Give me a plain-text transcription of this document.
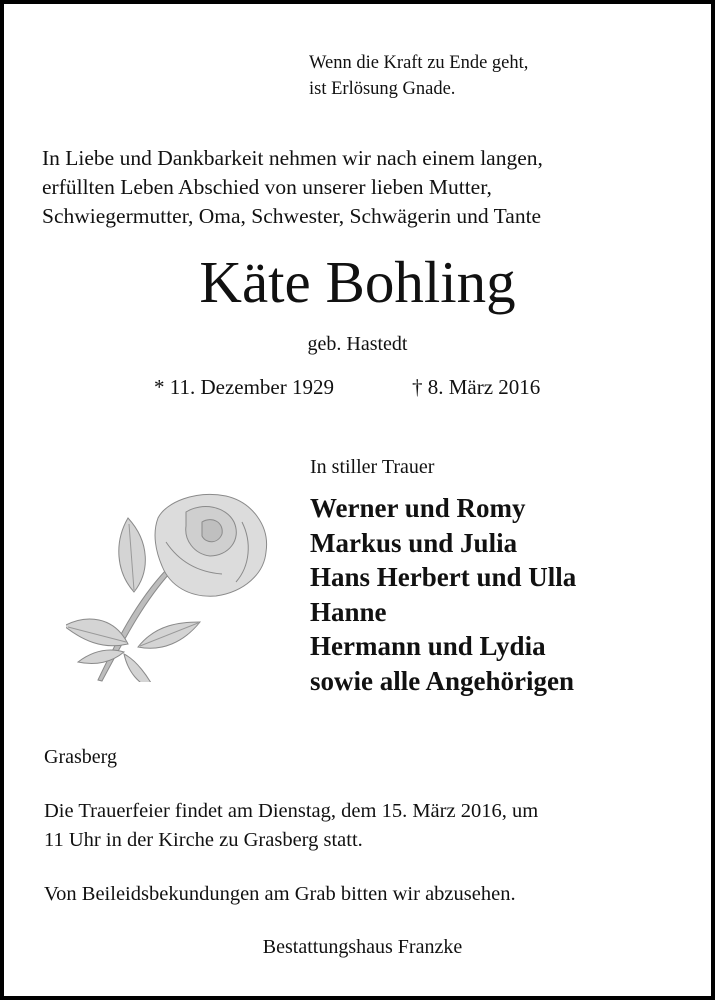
Wenn die Kraft zu Ende geht,
ist Erlösung Gnade.
In Liebe und Dankbarkeit nehmen wir nach einem langen,
erfüllten Leben Abschied von unserer lieben Mutter,
Schwiegermutter, Oma, Schwester, Schwägerin und Tante
Käte Bohling
geb. Hastedt
* 11. Dezember 1929	† 8. März 2016
In stiller Trauer
Werner und Romy
Markus und Julia
Hans Herbert und Ulla
Hanne
Hermann und Lydia
sowie alle Angehörigen
Grasberg
Die Trauerfeier findet am Dienstag, dem 15. März 2016, um
11 Uhr in der Kirche zu Grasberg statt.
Von Beileidsbekundungen am Grab bitten wir abzusehen.
Bestattungshaus Franzke
